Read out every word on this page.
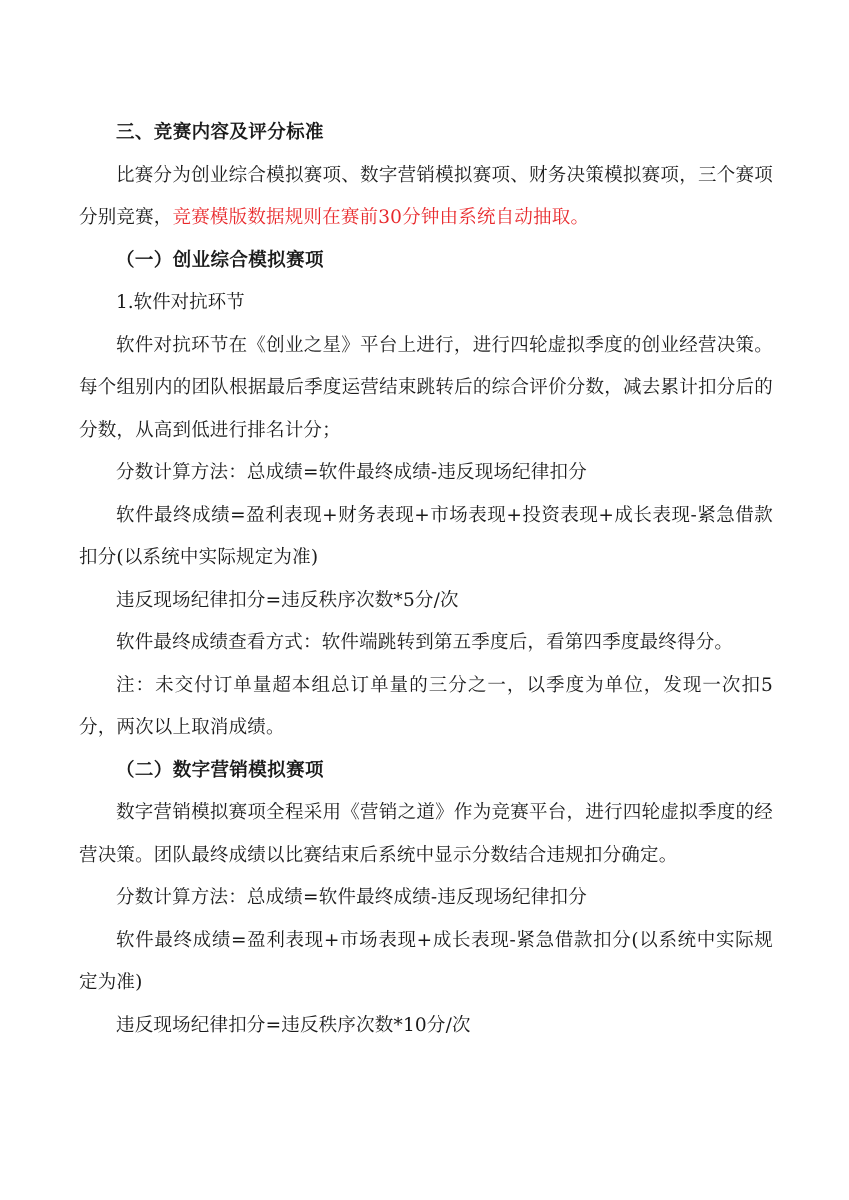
三、竞赛内容及评分标准

比赛分为创业综合模拟赛项、数字营销模拟赛项、财务决策模拟赛项，三个赛项分别竞赛，竞赛模版数据规则在赛前30分钟由系统自动抽取。

（一）创业综合模拟赛项

1.软件对抗环节

软件对抗环节在《创业之星》平台上进行，进行四轮虚拟季度的创业经营决策。每个组别内的团队根据最后季度运营结束跳转后的综合评价分数，减去累计扣分后的分数，从高到低进行排名计分；

分数计算方法：总成绩=软件最终成绩-违反现场纪律扣分

软件最终成绩=盈利表现+财务表现+市场表现+投资表现+成长表现-紧急借款扣分(以系统中实际规定为准)

违反现场纪律扣分=违反秩序次数*5分/次

软件最终成绩查看方式：软件端跳转到第五季度后，看第四季度最终得分。

注：未交付订单量超本组总订单量的三分之一，以季度为单位，发现一次扣5分，两次以上取消成绩。

（二）数字营销模拟赛项

数字营销模拟赛项全程采用《营销之道》作为竞赛平台，进行四轮虚拟季度的经营决策。团队最终成绩以比赛结束后系统中显示分数结合违规扣分确定。

分数计算方法：总成绩=软件最终成绩-违反现场纪律扣分

软件最终成绩=盈利表现+市场表现+成长表现-紧急借款扣分(以系统中实际规定为准)

违反现场纪律扣分=违反秩序次数*10分/次
